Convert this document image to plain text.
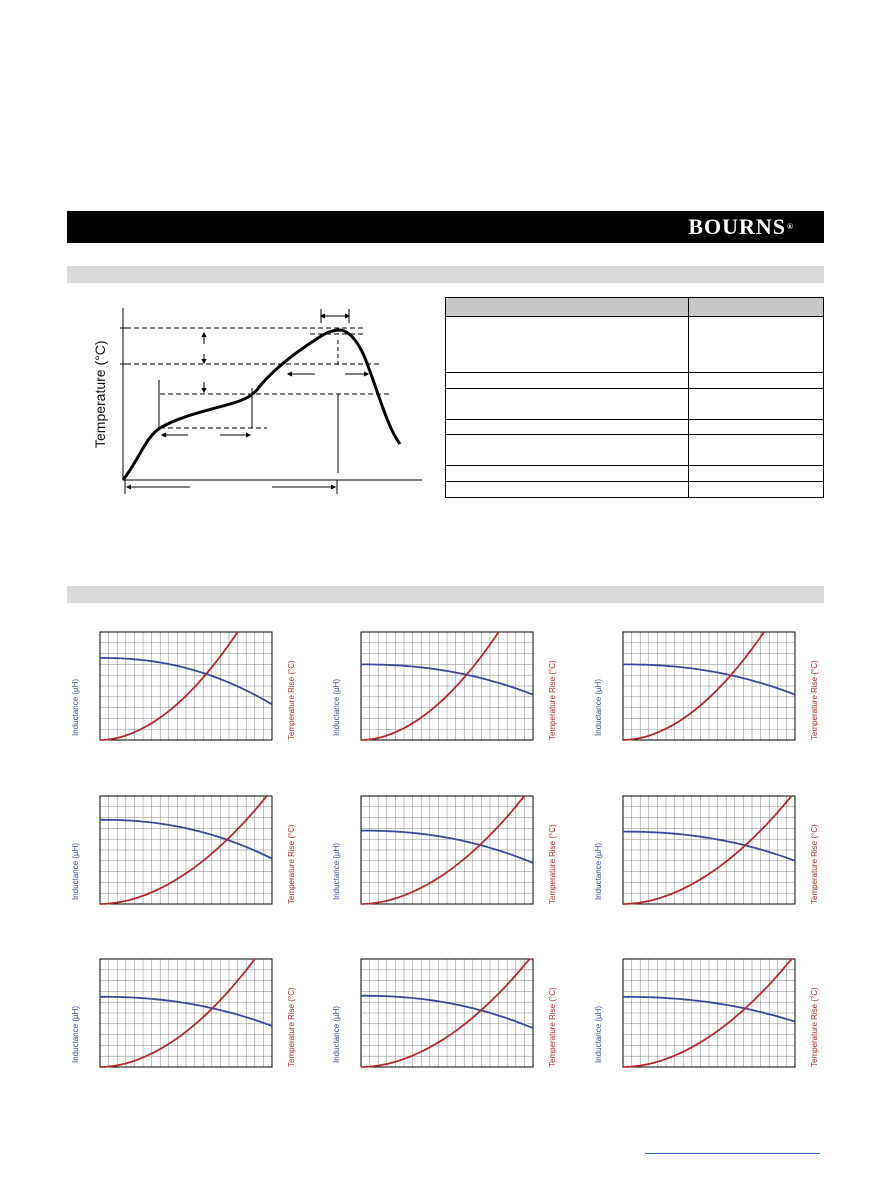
BOURNS®
Temperature (°C)

Inductance (µH)	Temperature Rise (°C)	Inductance (µH)	Temperature Rise (°C)	Inductance (µH)	Temperature Rise (°C)
Inductance (µH)	Temperature Rise (°C)	Inductance (µH)	Temperature Rise (°C)	Inductance (µH)	Temperature Rise (°C)
Inductance (µH)	Temperature Rise (°C)	Inductance (µH)	Temperature Rise (°C)	Inductance (µH)	Temperature Rise (°C)
